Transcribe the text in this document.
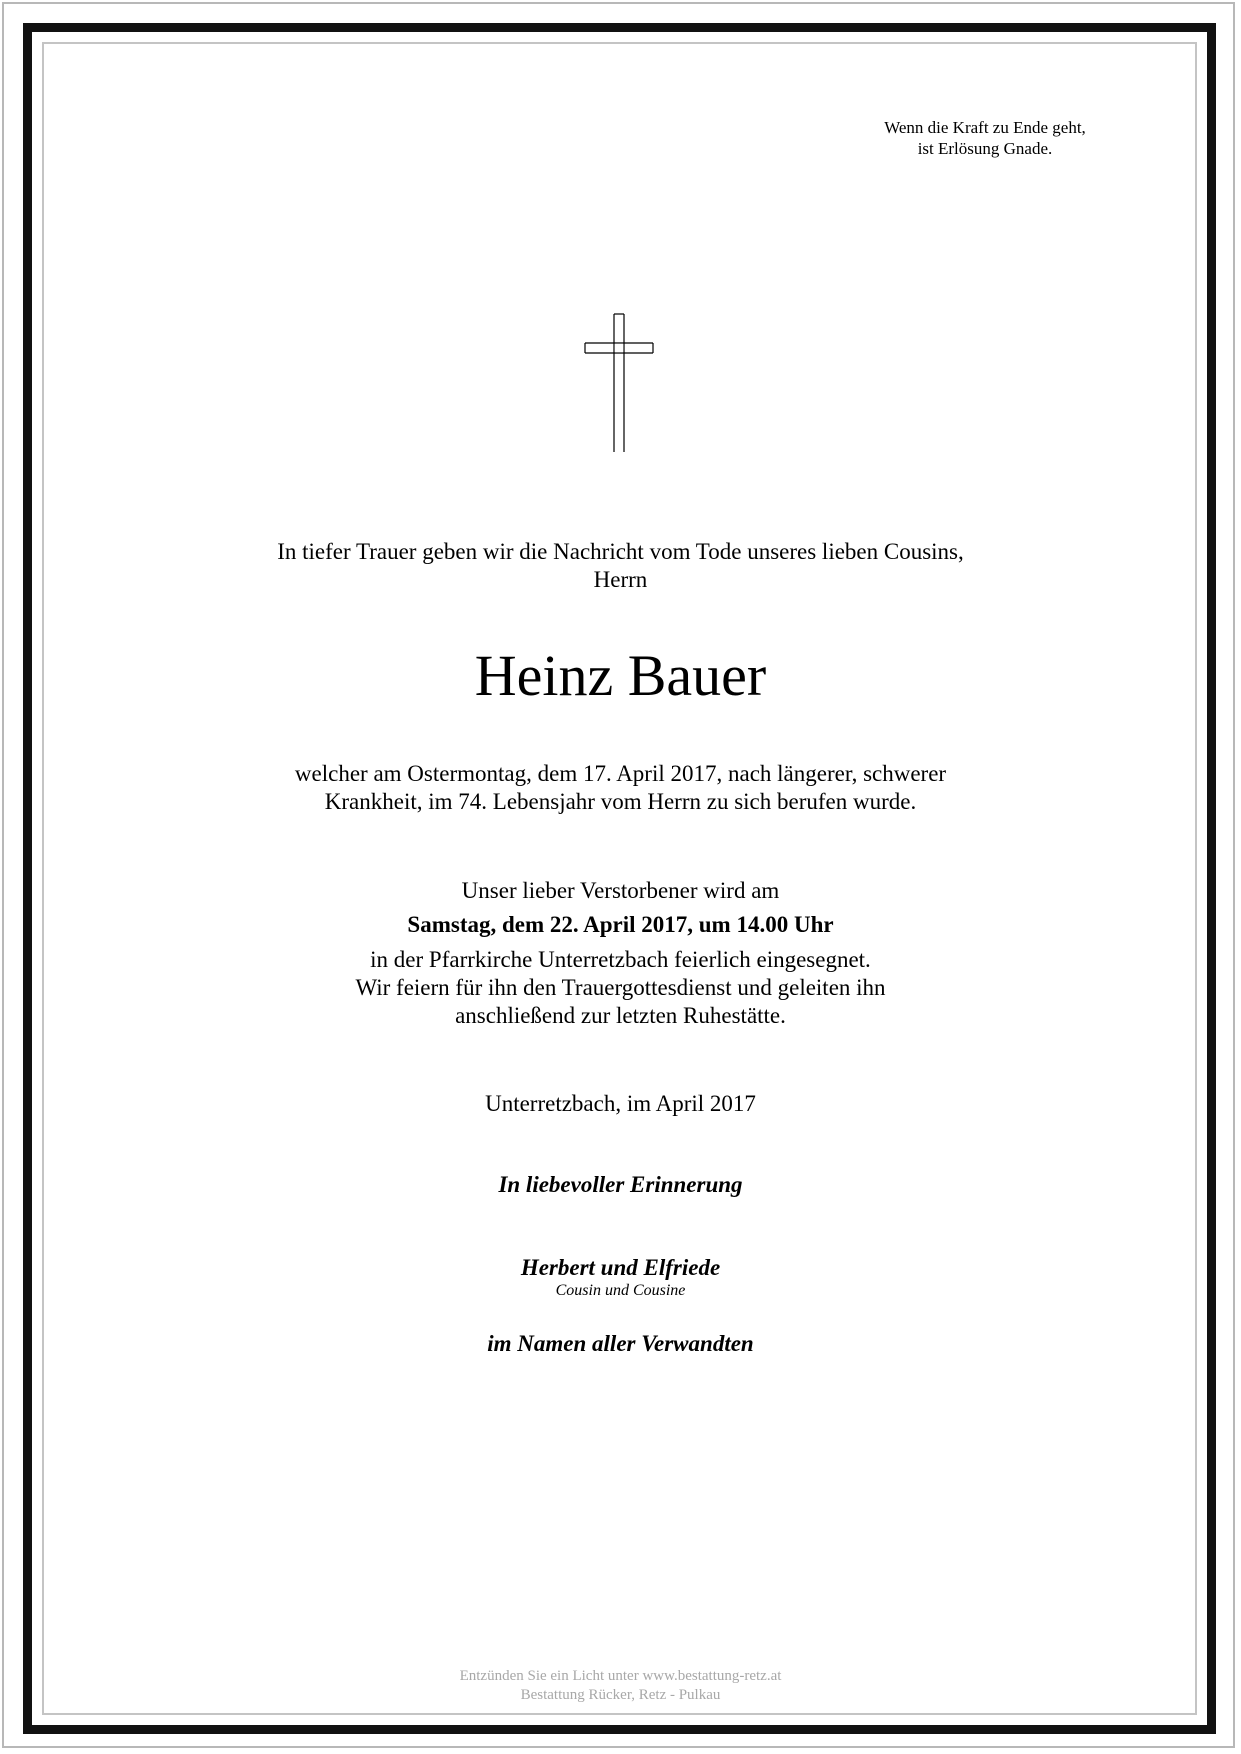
Wenn die Kraft zu Ende geht,
ist Erlösung Gnade.
In tiefer Trauer geben wir die Nachricht vom Tode unseres lieben Cousins,
Herrn
Heinz Bauer
welcher am Ostermontag, dem 17. April 2017, nach längerer, schwerer
Krankheit, im 74. Lebensjahr vom Herrn zu sich berufen wurde.
Unser lieber Verstorbener wird am
Samstag, dem 22. April 2017, um 14.00 Uhr
in der Pfarrkirche Unterretzbach feierlich eingesegnet.
Wir feiern für ihn den Trauergottesdienst und geleiten ihn
anschließend zur letzten Ruhestätte.
Unterretzbach, im April 2017
In liebevoller Erinnerung
Herbert und Elfriede
Cousin und Cousine
im Namen aller Verwandten
Entzünden Sie ein Licht unter www.bestattung-retz.at
Bestattung Rücker, Retz - Pulkau
